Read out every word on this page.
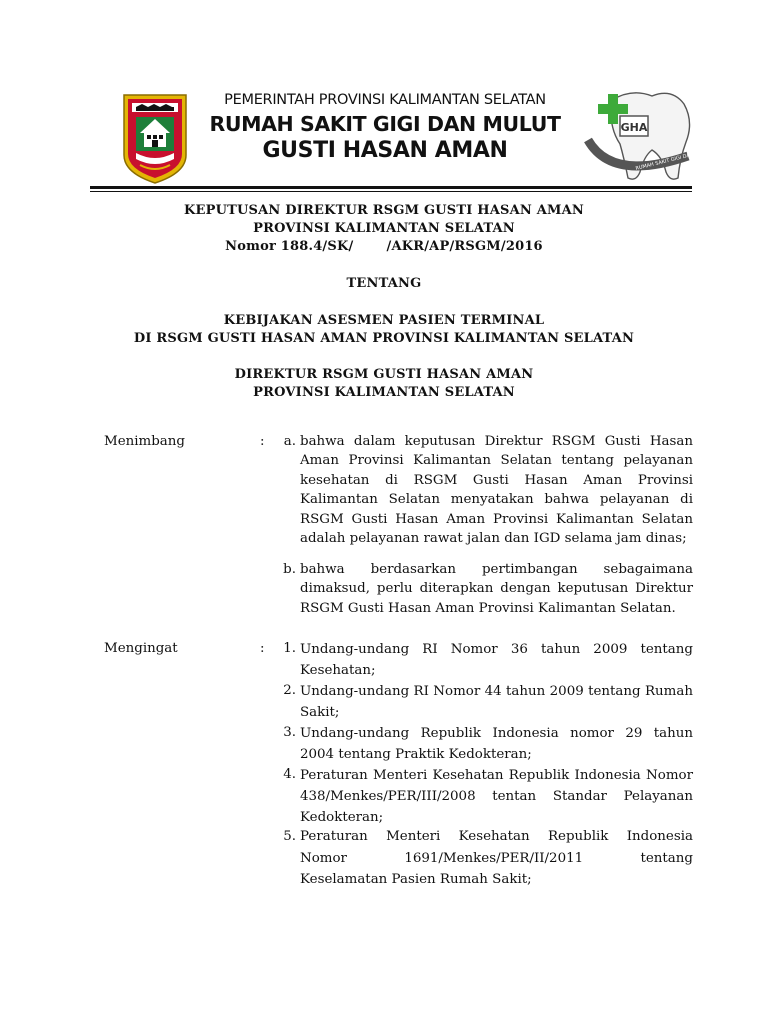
PEMERINTAH PROVINSI KALIMANTAN SELATAN
RUMAH SAKIT GIGI DAN MULUT
GUSTI HASAN AMAN	RUMAH SAKIT GIGI DAN MULUT
GHA
KEPUTUSAN DIREKTUR RSGM GUSTI HASAN AMAN
PROVINSI KALIMANTAN SELATAN
Nomor 188.4/SK/       /AKR/AP/RSGM/2016
TENTANG
KEBIJAKAN ASESMEN PASIEN TERMINAL
DI RSGM GUSTI HASAN AMAN PROVINSI KALIMANTAN SELATAN
DIREKTUR RSGM GUSTI HASAN AMAN
PROVINSI KALIMANTAN SELATAN
Menimbang	:	a. bahwa dalam keputusan Direktur RSGM Gusti Hasan Aman Provinsi Kalimantan Selatan tentang pelayanan kesehatan di RSGM Gusti Hasan Aman Provinsi Kalimantan Selatan menyatakan bahwa pelayanan di RSGM Gusti Hasan Aman Provinsi Kalimantan Selatan adalah pelayanan rawat jalan dan IGD selama jam dinas;
b. bahwa berdasarkan pertimbangan sebagaimana dimaksud, perlu diterapkan dengan keputusan Direktur RSGM Gusti Hasan Aman Provinsi Kalimantan Selatan.
Mengingat	:	1. Undang-undang RI Nomor 36 tahun 2009 tentang Kesehatan;
2. Undang-undang RI Nomor 44 tahun 2009 tentang Rumah Sakit;
3. Undang-undang Republik Indonesia nomor 29 tahun 2004 tentang Praktik Kedokteran;
4. Peraturan Menteri Kesehatan Republik Indonesia Nomor 438/Menkes/PER/III/2008 tentan Standar Pelayanan Kedokteran;
5. Peraturan Menteri Kesehatan Republik Indonesia
Nomor	1691/Menkes/PER/II/2011	tentang
Keselamatan Pasien Rumah Sakit;
